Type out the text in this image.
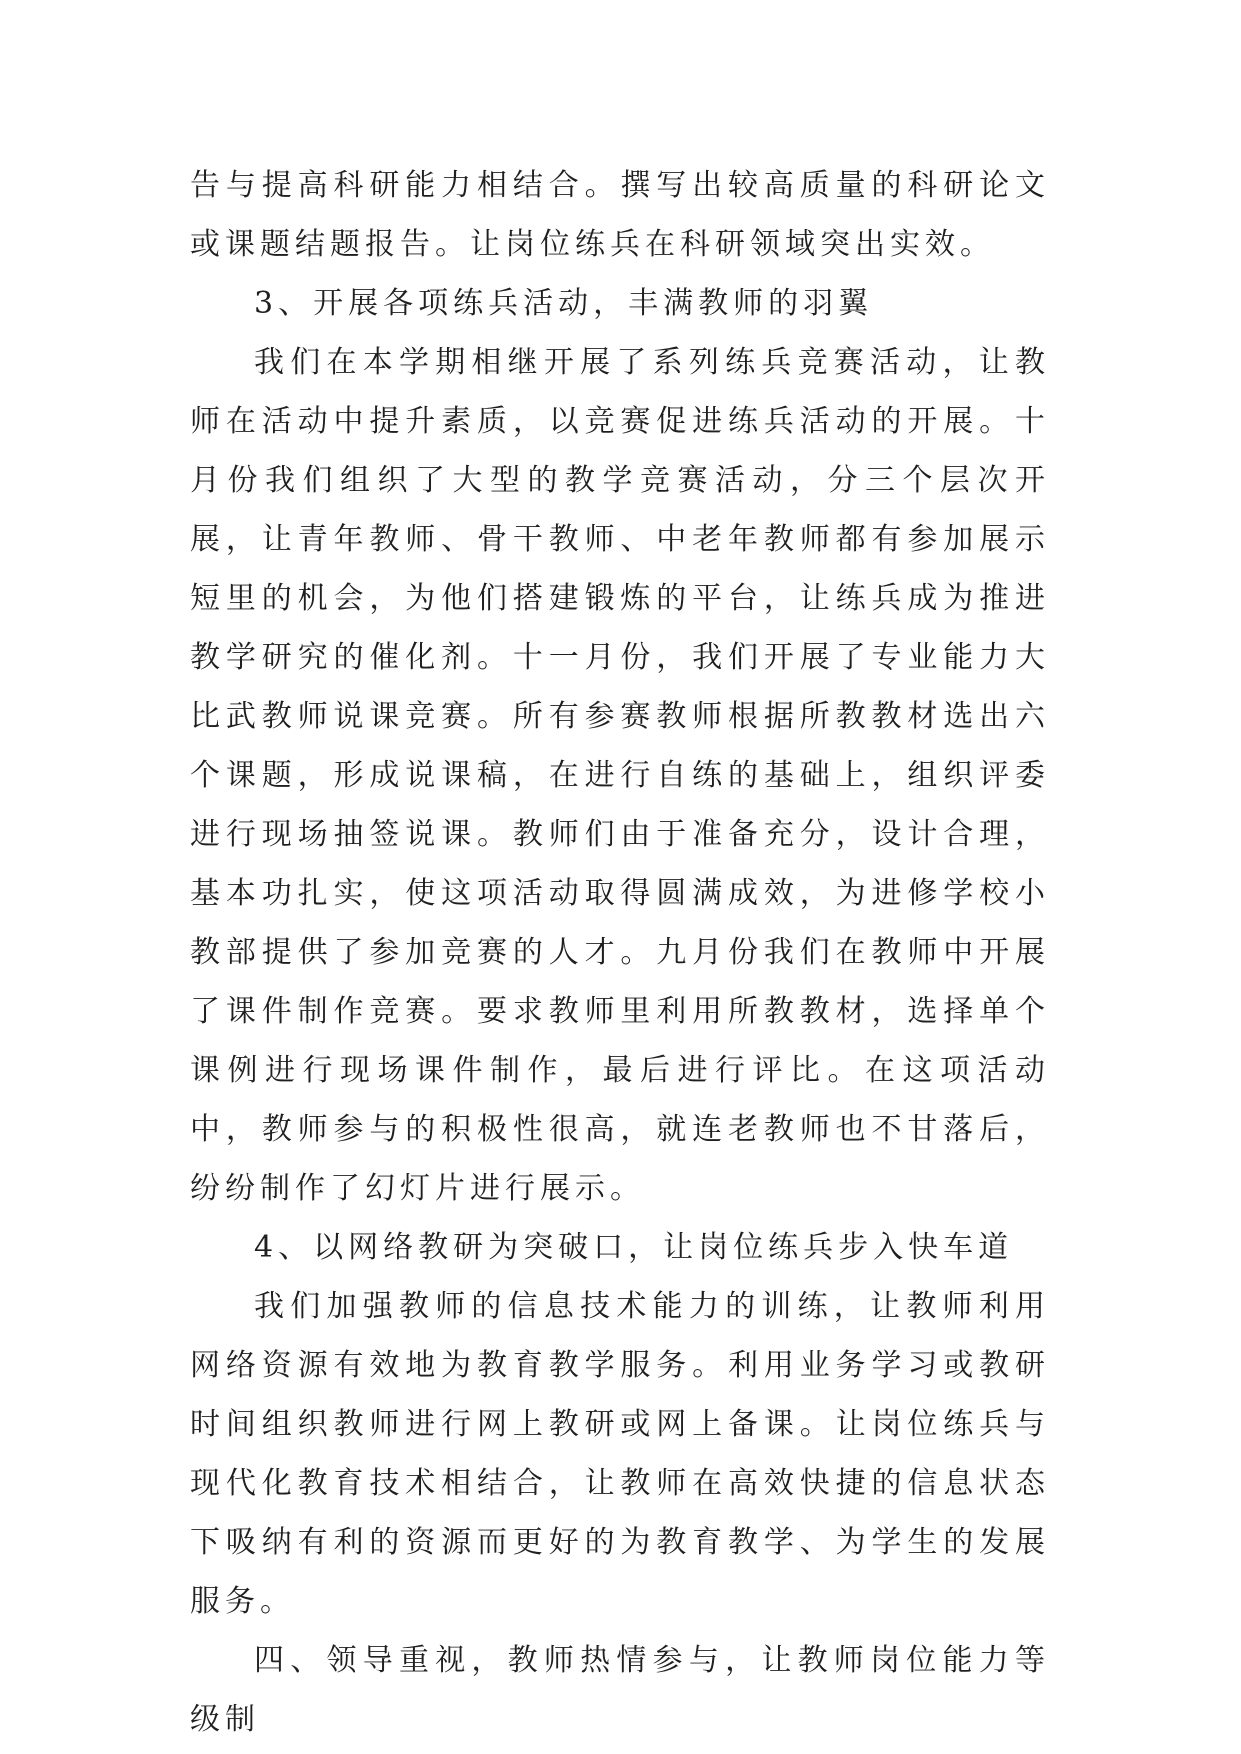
告与提高科研能力相结合。撰写出较高质量的科研论文或课题结题报告。让岗位练兵在科研领域突出实效。

3、开展各项练兵活动，丰满教师的羽翼

我们在本学期相继开展了系列练兵竞赛活动，让教师在活动中提升素质，以竞赛促进练兵活动的开展。十月份我们组织了大型的教学竞赛活动，分三个层次开展，让青年教师、骨干教师、中老年教师都有参加展示短里的机会，为他们搭建锻炼的平台，让练兵成为推进教学研究的催化剂。十一月份，我们开展了专业能力大比武教师说课竞赛。所有参赛教师根据所教教材选出六个课题，形成说课稿，在进行自练的基础上，组织评委进行现场抽签说课。教师们由于准备充分，设计合理，基本功扎实，使这项活动取得圆满成效，为进修学校小教部提供了参加竞赛的人才。九月份我们在教师中开展了课件制作竞赛。要求教师里利用所教教材，选择单个课例进行现场课件制作，最后进行评比。在这项活动中，教师参与的积极性很高，就连老教师也不甘落后，纷纷制作了幻灯片进行展示。

4、以网络教研为突破口，让岗位练兵步入快车道

我们加强教师的信息技术能力的训练，让教师利用网络资源有效地为教育教学服务。利用业务学习或教研时间组织教师进行网上教研或网上备课。让岗位练兵与现代化教育技术相结合，让教师在高效快捷的信息状态下吸纳有利的资源而更好的为教育教学、为学生的发展服务。

四、领导重视，教师热情参与，让教师岗位能力等级制
